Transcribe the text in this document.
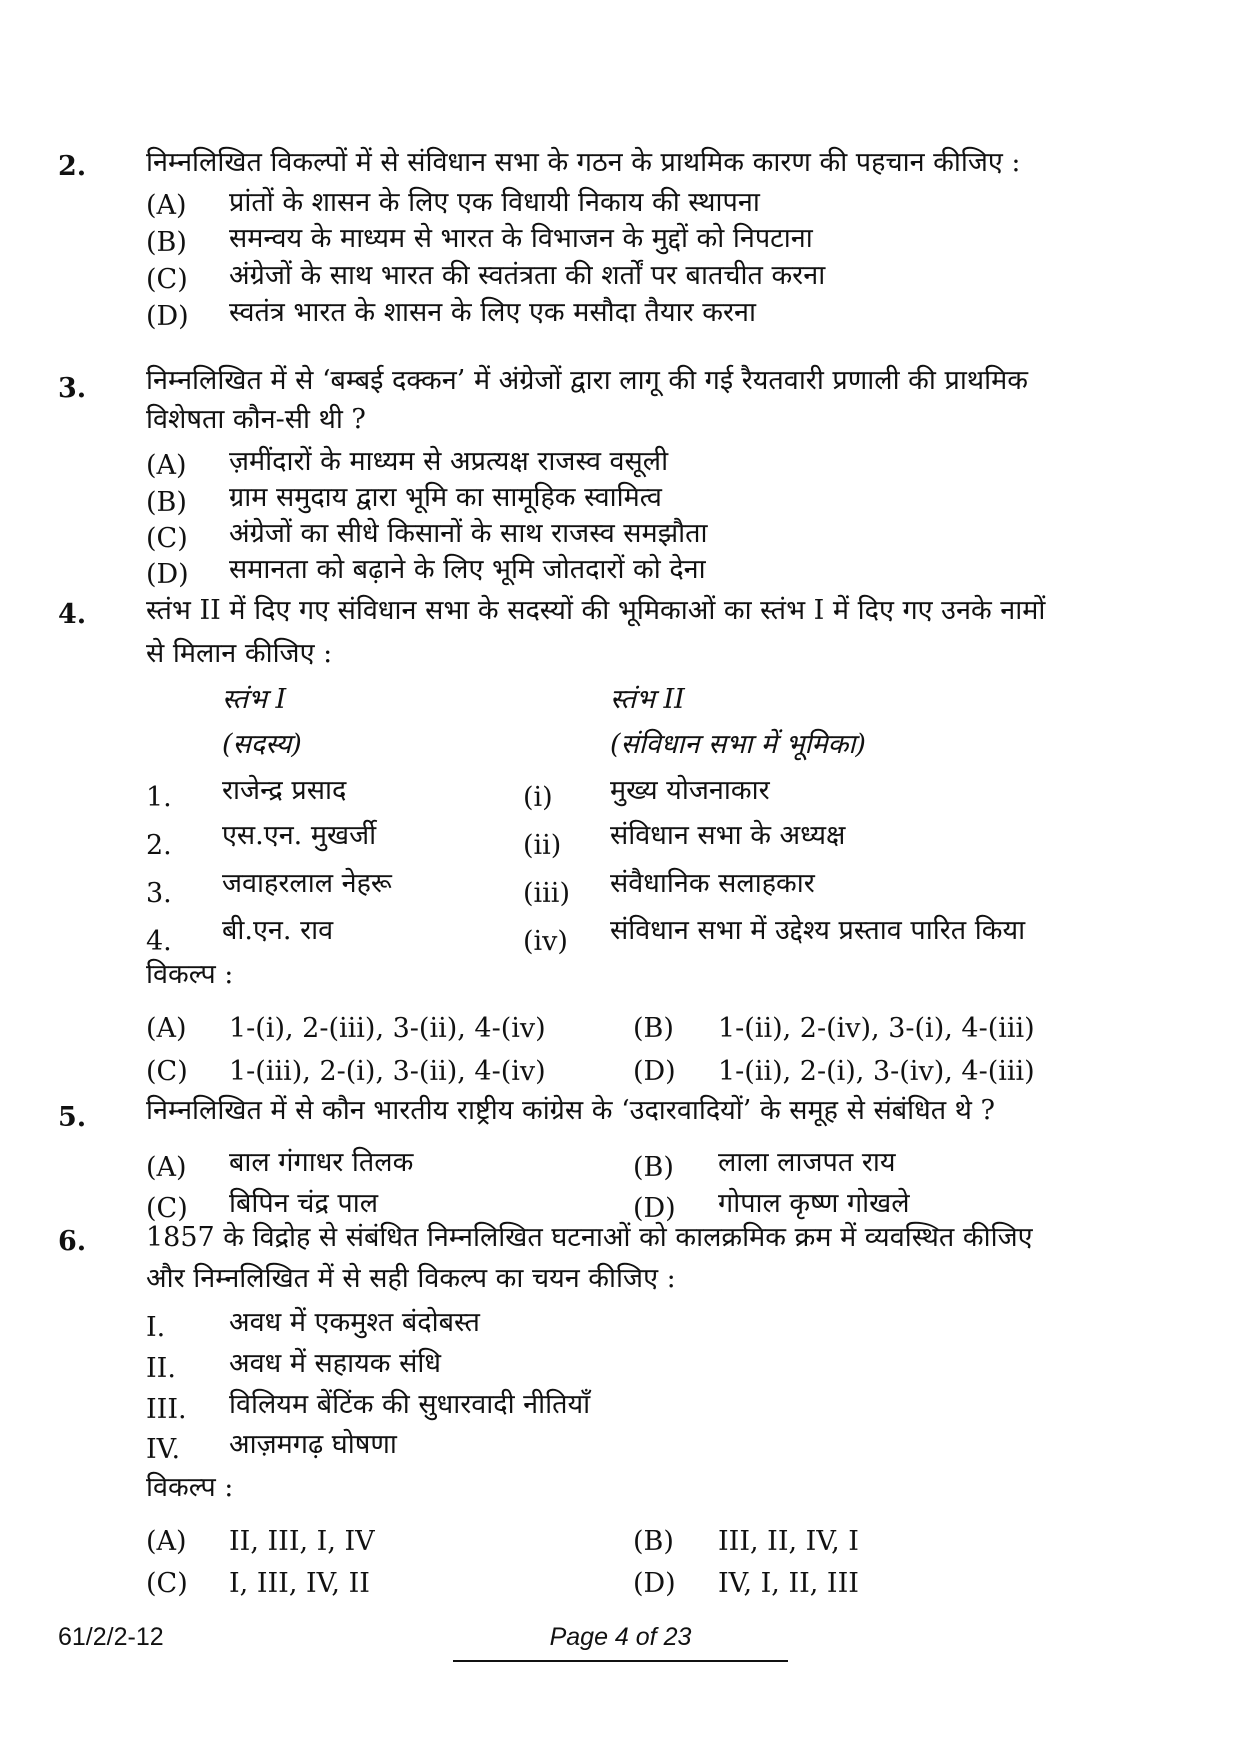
2. निम्नलिखित विकल्पों में से संविधान सभा के गठन के प्राथमिक कारण की पहचान कीजिए :
(A) प्रांतों के शासन के लिए एक विधायी निकाय की स्थापना
(B) समन्वय के माध्यम से भारत के विभाजन के मुद्दों को निपटाना
(C) अंग्रेजों के साथ भारत की स्वतंत्रता की शर्तों पर बातचीत करना
(D) स्वतंत्र भारत के शासन के लिए एक मसौदा तैयार करना
3. निम्नलिखित में से ‘बम्बई दक्कन’ में अंग्रेजों द्वारा लागू की गई रैयतवारी प्रणाली की प्राथमिक
विशेषता कौन-सी थी ?
(A) ज़मींदारों के माध्यम से अप्रत्यक्ष राजस्व वसूली
(B) ग्राम समुदाय द्वारा भूमि का सामूहिक स्वामित्व
(C) अंग्रेजों का सीधे किसानों के साथ राजस्व समझौता
(D) समानता को बढ़ाने के लिए भूमि जोतदारों को देना
4. स्तंभ II में दिए गए संविधान सभा के सदस्यों की भूमिकाओं का स्तंभ I में दिए गए उनके नामों
से मिलान कीजिए :
स्तंभ I	स्तंभ II
(सदस्य)	(संविधान सभा में भूमिका)
1. राजेन्द्र प्रसाद	(i) मुख्य योजनाकार
2. एस.एन. मुखर्जी	(ii) संविधान सभा के अध्यक्ष
3. जवाहरलाल नेहरू	(iii) संवैधानिक सलाहकार
4. बी.एन. राव	(iv) संविधान सभा में उद्देश्य प्रस्ताव पारित किया
विकल्प :
(A) 1-(i), 2-(iii), 3-(ii), 4-(iv)	(B) 1-(ii), 2-(iv), 3-(i), 4-(iii)
(C) 1-(iii), 2-(i), 3-(ii), 4-(iv)	(D) 1-(ii), 2-(i), 3-(iv), 4-(iii)
5. निम्नलिखित में से कौन भारतीय राष्ट्रीय कांग्रेस के ‘उदारवादियों’ के समूह से संबंधित थे ?
(A) बाल गंगाधर तिलक	(B) लाला लाजपत राय
(C) बिपिन चंद्र पाल	(D) गोपाल कृष्ण गोखले
6. 1857 के विद्रोह से संबंधित निम्नलिखित घटनाओं को कालक्रमिक क्रम में व्यवस्थित कीजिए
और निम्नलिखित में से सही विकल्प का चयन कीजिए :
I. अवध में एकमुश्त बंदोबस्त
II. अवध में सहायक संधि
III. विलियम बेंटिंक की सुधारवादी नीतियाँ
IV. आज़मगढ़ घोषणा
विकल्प :
(A) II, III, I, IV	(B) III, II, IV, I
(C) I, III, IV, II	(D) IV, I, II, III
61/2/2-12	Page 4 of 23
